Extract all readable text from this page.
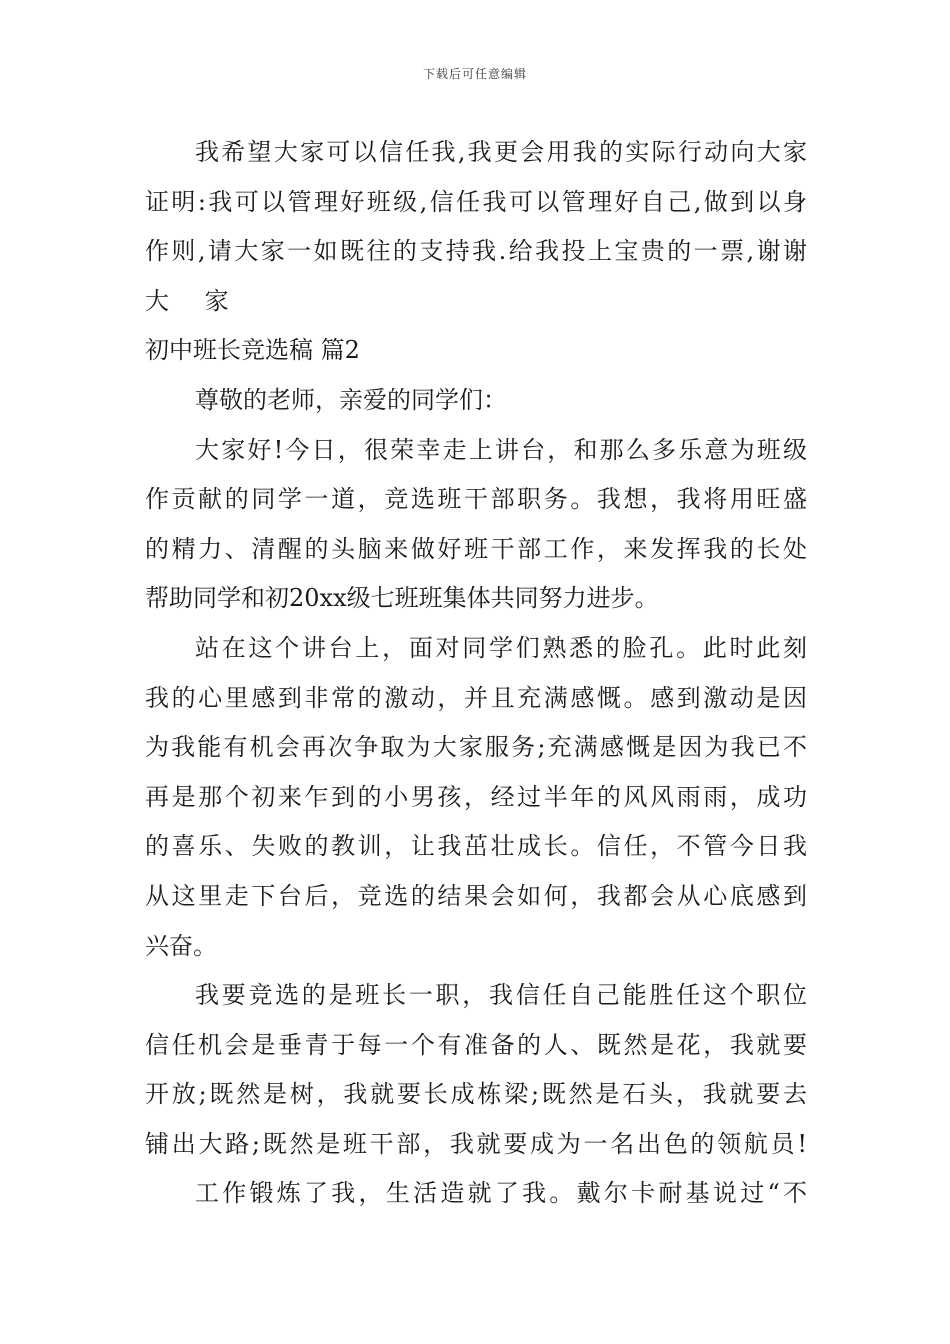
下载后可任意编辑
我希望大家可以信任我,我更会用我的实际行动向大家
证明:我可以管理好班级,信任我可以管理好自己,做到以身
作则,请大家一如既往的支持我.给我投上宝贵的一票,谢谢
大 家
初中班长竞选稿 篇2
尊敬的老师，亲爱的同学们：
大家好!今日，很荣幸走上讲台，和那么多乐意为班级
作贡献的同学一道，竞选班干部职务。我想，我将用旺盛
的精力、清醒的头脑来做好班干部工作，来发挥我的长处
帮助同学和初20xx级七班班集体共同努力进步。
站在这个讲台上，面对同学们熟悉的脸孔。此时此刻
我的心里感到非常的激动，并且充满感慨。感到激动是因
为我能有机会再次争取为大家服务;充满感慨是因为我已不
再是那个初来乍到的小男孩，经过半年的风风雨雨，成功
的喜乐、失败的教训，让我茁壮成长。信任，不管今日我
从这里走下台后，竞选的结果会如何，我都会从心底感到
兴奋。
我要竞选的是班长一职，我信任自己能胜任这个职位
信任机会是垂青于每一个有准备的人、既然是花，我就要
开放;既然是树，我就要长成栋梁;既然是石头，我就要去
铺出大路;既然是班干部，我就要成为一名出色的领航员!
工作锻炼了我，生活造就了我。戴尔卡耐基说过“不
